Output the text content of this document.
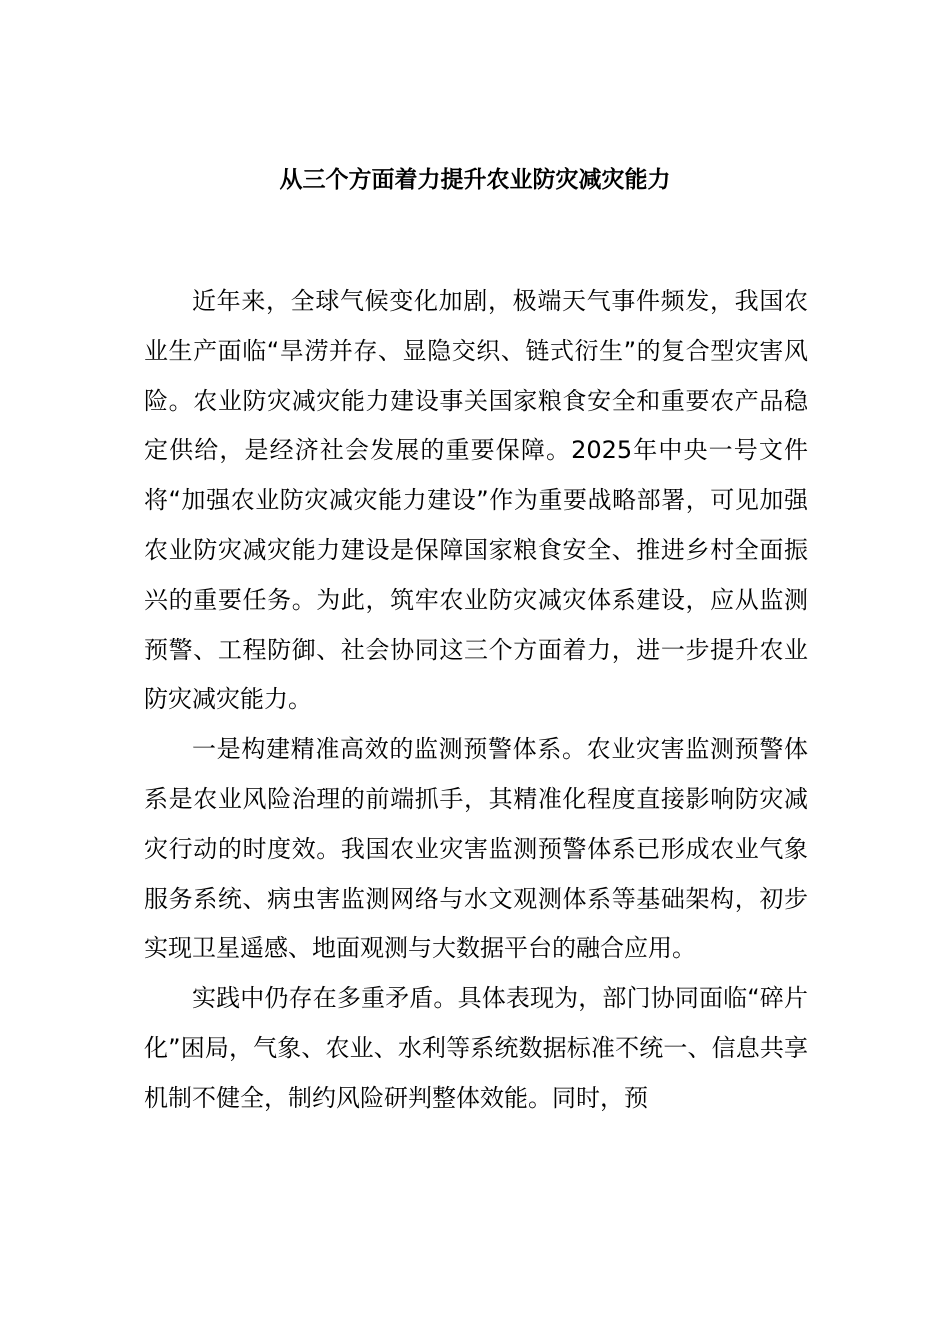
从三个方面着力提升农业防灾减灾能力

近年来，全球气候变化加剧，极端天气事件频发，我国农业生产面临“旱涝并存、显隐交织、链式衍生”的复合型灾害风险。农业防灾减灾能力建设事关国家粮食安全和重要农产品稳定供给，是经济社会发展的重要保障。2025年中央一号文件将“加强农业防灾减灾能力建设”作为重要战略部署，可见加强农业防灾减灾能力建设是保障国家粮食安全、推进乡村全面振兴的重要任务。为此，筑牢农业防灾减灾体系建设，应从监测预警、工程防御、社会协同这三个方面着力，进一步提升农业防灾减灾能力。

一是构建精准高效的监测预警体系。农业灾害监测预警体系是农业风险治理的前端抓手，其精准化程度直接影响防灾减灾行动的时度效。我国农业灾害监测预警体系已形成农业气象服务系统、病虫害监测网络与水文观测体系等基础架构，初步实现卫星遥感、地面观测与大数据平台的融合应用。

实践中仍存在多重矛盾。具体表现为，部门协同面临“碎片化”困局，气象、农业、水利等系统数据标准不统一、信息共享机制不健全，制约风险研判整体效能。同时，预
